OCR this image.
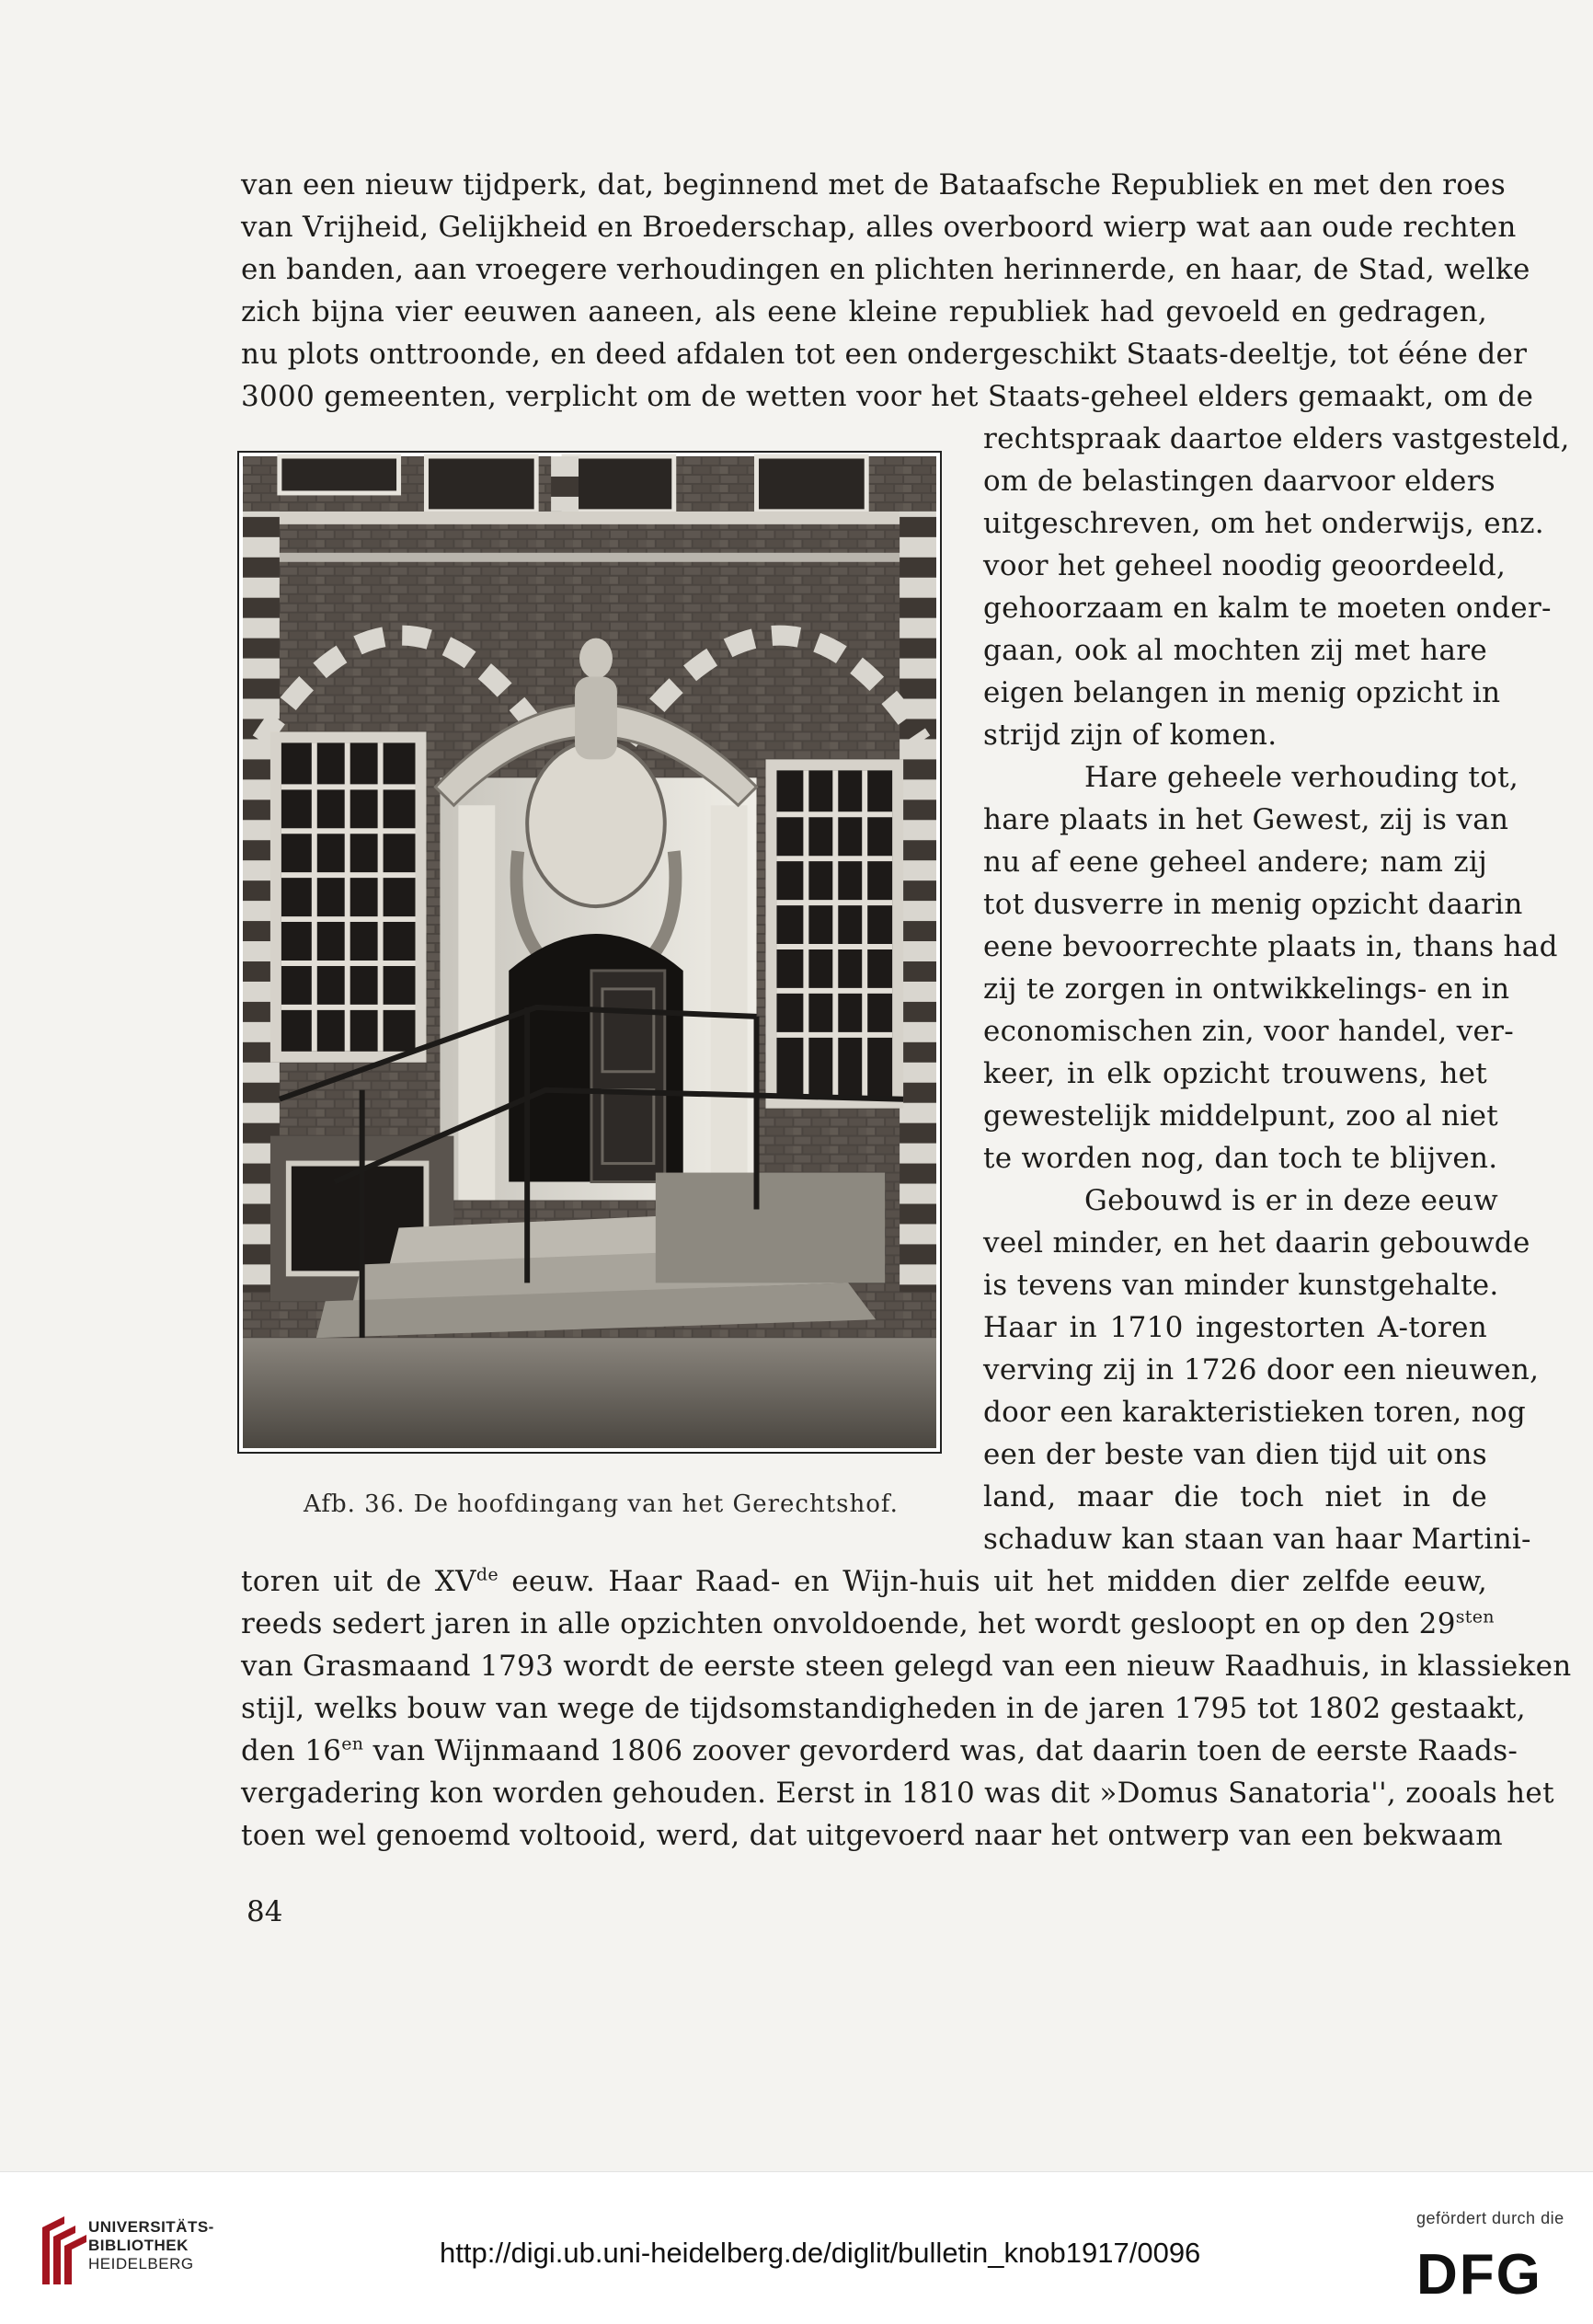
van een nieuw tijdperk, dat, beginnend met de Bataafsche Republiek en met den roes
van Vrijheid, Gelijkheid en Broederschap, alles overboord wierp wat aan oude rechten
en banden, aan vroegere verhoudingen en plichten herinnerde, en haar, de Stad, welke
zich bijna vier eeuwen aaneen, als eene kleine republiek had gevoeld en gedragen,
nu plots onttroonde, en deed afdalen tot een ondergeschikt Staats-deeltje, tot ééne der
3000 gemeenten, verplicht om de wetten voor het Staats-geheel elders gemaakt, om de
rechtspraak daartoe elders vastgesteld,
om de belastingen daarvoor elders
uitgeschreven, om het onderwijs, enz.
voor het geheel noodig geoordeeld,
gehoorzaam en kalm te moeten onder-
gaan, ook al mochten zij met hare
eigen belangen in menig opzicht in
strijd zijn of komen.
Hare geheele verhouding tot,
hare plaats in het Gewest, zij is van
nu af eene geheel andere; nam zij
tot dusverre in menig opzicht daarin
eene bevoorrechte plaats in, thans had
zij te zorgen in ontwikkelings- en in
economischen zin, voor handel, ver-
keer, in elk opzicht trouwens, het
gewestelijk middelpunt, zoo al niet
te worden nog, dan toch te blijven.
Gebouwd is er in deze eeuw
veel minder, en het daarin gebouwde
is tevens van minder kunstgehalte.
Haar in 1710 ingestorten A-toren
verving zij in 1726 door een nieuwen,
door een karakteristieken toren, nog
een der beste van dien tijd uit ons
land, maar die toch niet in de
schaduw kan staan van haar Martini-
Afb. 36. De hoofdingang van het Gerechtshof.
toren uit de XVde eeuw. Haar Raad- en Wijn-huis uit het midden dier zelfde eeuw,
reeds sedert jaren in alle opzichten onvoldoende, het wordt gesloopt en op den $29^{sten}$
van Grasmaand 1793 wordt de eerste steen gelegd van een nieuw Raadhuis, in klassieken
stijl, welks bouw van wege de tijdsomstandigheden in de jaren 1795 tot 1802 gestaakt,
den $16^{en}$ van Wijnmaand 1806 zoover gevorderd was, dat daarin toen de eerste Raads-
vergadering kon worden gehouden. Eerst in 1810 was dit »Domus Sanatoria'', zooals het
toen wel genoemd voltooid, werd, dat uitgevoerd naar het ontwerp van een bekwaam
84
UNIVERSITÄTS-
BIBLIOTHEK
HEIDELBERG	http://digi.ub.uni-heidelberg.de/diglit/bulletin_knob1917/0096
gefördert durch die
DFG
